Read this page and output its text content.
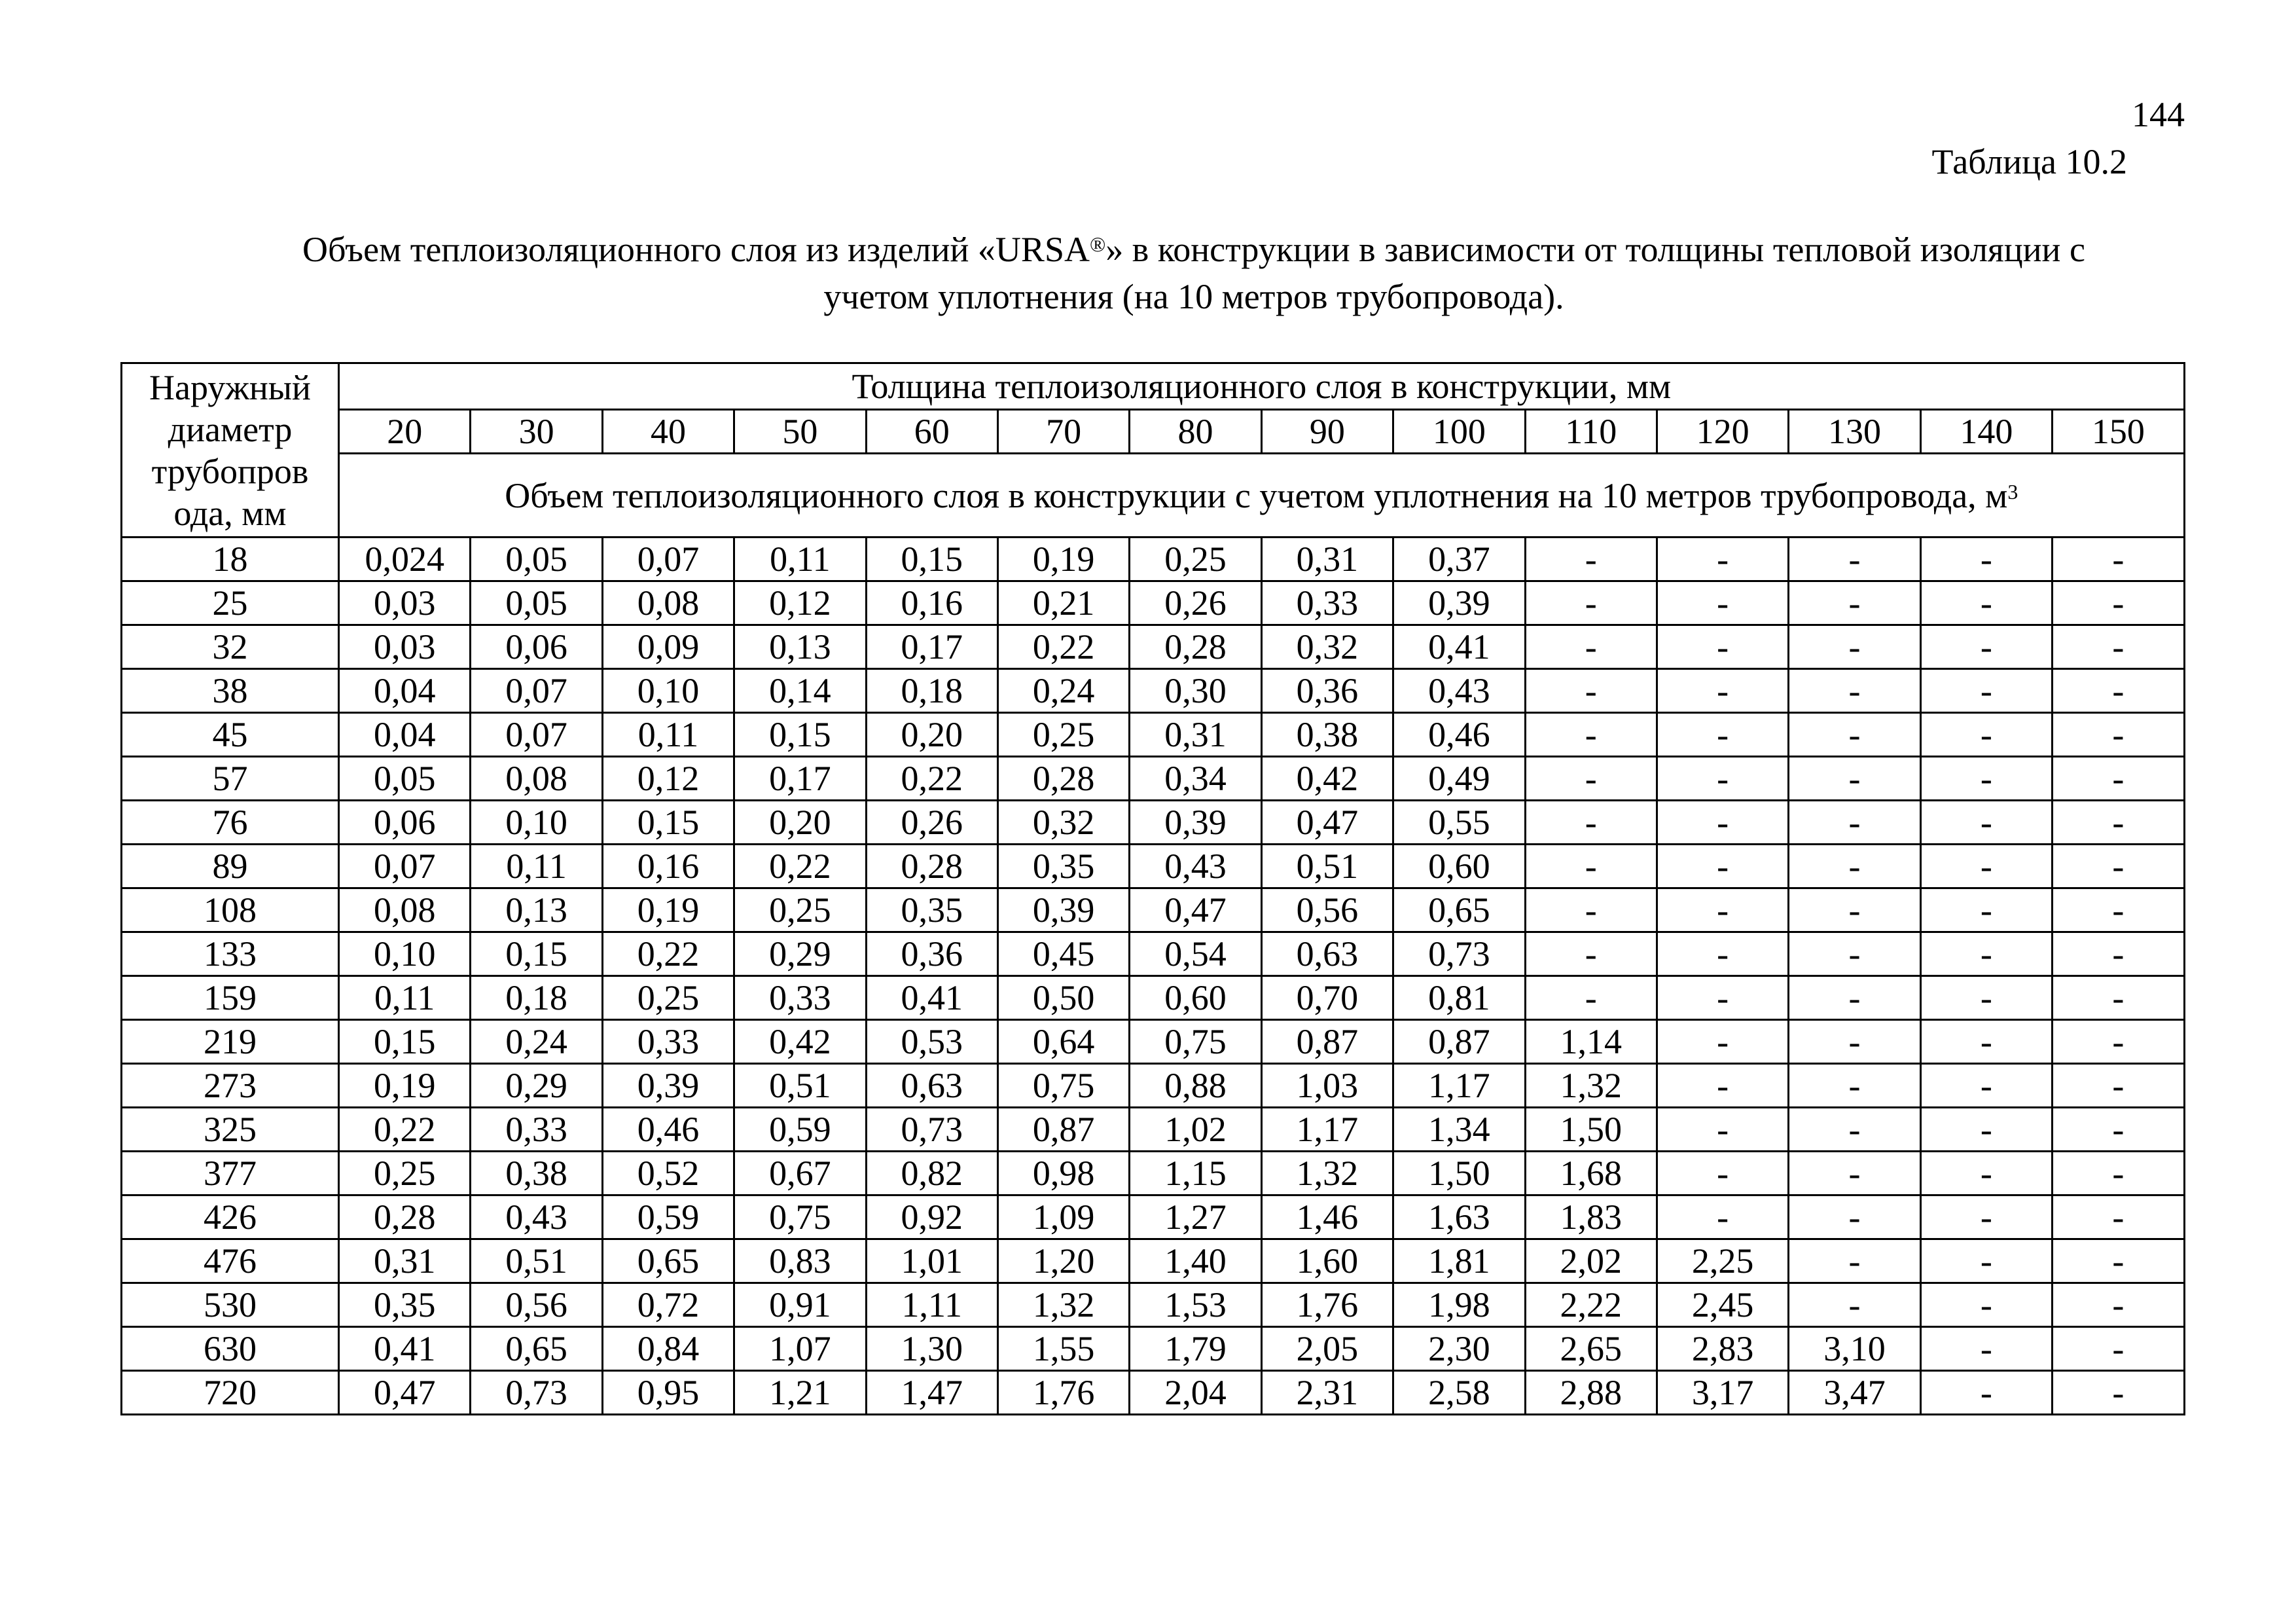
144
Таблица 10.2
Объем теплоизоляционного слоя из изделий «URSA®» в конструкции в зависимости от толщины тепловой изоляции с
учетом уплотнения (на 10 метров трубопровода).
Наружный диаметр трубопров ода, мм	Толщина теплоизоляционного слоя в конструкции, мм													
	20	30	40	50	60	70	80	90	100	110	120	130	140	150
	Объем теплоизоляционного слоя в конструкции с учетом уплотнения на 10 метров трубопровода, $м^3$
18	0,024	0,05	0,07	0,11	0,15	0,19	0,25	0,31	0,37	-	-	-	-	-
25	0,03	0,05	0,08	0,12	0,16	0,21	0,26	0,33	0,39	-	-	-	-	-
32	0,03	0,06	0,09	0,13	0,17	0,22	0,28	0,32	0,41	-	-	-	-	-
38	0,04	0,07	0,10	0,14	0,18	0,24	0,30	0,36	0,43	-	-	-	-	-
45	0,04	0,07	0,11	0,15	0,20	0,25	0,31	0,38	0,46	-	-	-	-	-
57	0,05	0,08	0,12	0,17	0,22	0,28	0,34	0,42	0,49	-	-	-	-	-
76	0,06	0,10	0,15	0,20	0,26	0,32	0,39	0,47	0,55	-	-	-	-	-
89	0,07	0,11	0,16	0,22	0,28	0,35	0,43	0,51	0,60	-	-	-	-	-
108	0,08	0,13	0,19	0,25	0,35	0,39	0,47	0,56	0,65	-	-	-	-	-
133	0,10	0,15	0,22	0,29	0,36	0,45	0,54	0,63	0,73	-	-	-	-	-
159	0,11	0,18	0,25	0,33	0,41	0,50	0,60	0,70	0,81	-	-	-	-	-
219	0,15	0,24	0,33	0,42	0,53	0,64	0,75	0,87	0,87	1,14	-	-	-	-
273	0,19	0,29	0,39	0,51	0,63	0,75	0,88	1,03	1,17	1,32	-	-	-	-
325	0,22	0,33	0,46	0,59	0,73	0,87	1,02	1,17	1,34	1,50	-	-	-	-
377	0,25	0,38	0,52	0,67	0,82	0,98	1,15	1,32	1,50	1,68	-	-	-	-
426	0,28	0,43	0,59	0,75	0,92	1,09	1,27	1,46	1,63	1,83	-	-	-	-
476	0,31	0,51	0,65	0,83	1,01	1,20	1,40	1,60	1,81	2,02	2,25	-	-	-
530	0,35	0,56	0,72	0,91	1,11	1,32	1,53	1,76	1,98	2,22	2,45	-	-	-
630	0,41	0,65	0,84	1,07	1,30	1,55	1,79	2,05	2,30	2,65	2,83	3,10	-	-
720	0,47	0,73	0,95	1,21	1,47	1,76	2,04	2,31	2,58	2,88	3,17	3,47	-	-
